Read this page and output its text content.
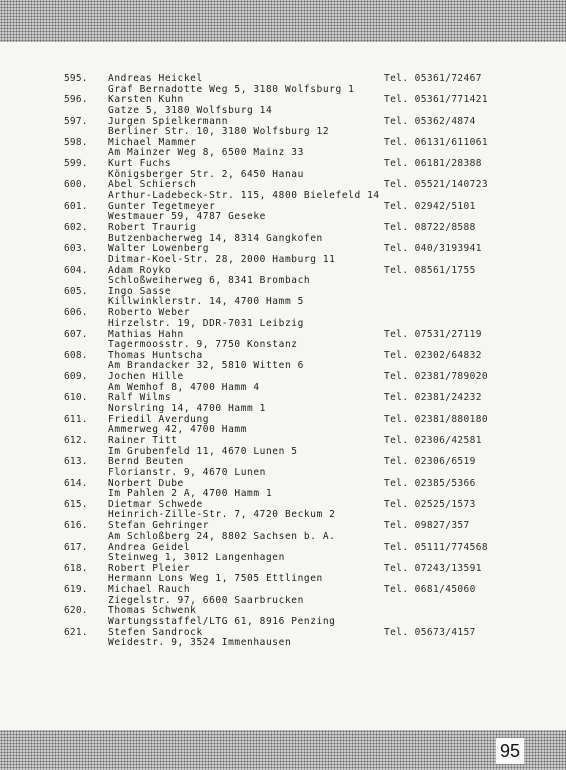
595.	Andreas Heickel
Graf Bernadotte Weg 5, 3180 Wolfsburg 1
Tel. 05361/72467
596.	Karsten Kuhn
Gatze 5, 3180 Wolfsburg 14
Tel. 05361/771421
597.	Jurgen Spielkermann
Berliner Str. 10, 3180 Wolfsburg 12
Tel. 05362/4874
598.	Michael Mammer
Am Mainzer Weg 8, 6500 Mainz 33
Tel. 06131/611061
599.	Kurt Fuchs
Königsberger Str. 2, 6450 Hanau
Tel. 06181/28388
600.	Abel Schiersch
Arthur-Ladebeck-Str. 115, 4800 Bielefeld 14
Tel. 05521/140723
601.	Gunter Tegetmeyer
Westmauer 59, 4787 Geseke
Tel. 02942/5101
602.	Robert Traurig
Butzenbacherweg 14, 8314 Gangkofen
Tel. 08722/8588
603.	Walter Lowenberg
Ditmar-Koel-Str. 28, 2000 Hamburg 11
Tel. 040/3193941
604.	Adam Royko
Schloßweiherweg 6, 8341 Brombach
Tel. 08561/1755
605.	Ingo Sasse
Killwinklerstr. 14, 4700 Hamm 5
606.	Roberto Weber
Hirzelstr. 19, DDR-7031 Leibzig
607.	Mathias Hahn
Tagermoosstr. 9, 7750 Konstanz
Tel. 07531/27119
608.	Thomas Huntscha
Am Brandacker 32, 5810 Witten 6
Tel. 02302/64832
609.	Jochen Hille
Am Wemhof 8, 4700 Hamm 4
Tel. 02381/789020
610.	Ralf Wilms
Norslring 14, 4700 Hamm 1
Tel. 02381/24232
611.	Friedil Averdung
Ammerweg 42, 4700 Hamm
Tel. 02381/880180
612.	Rainer Titt
Im Grubenfeld 11, 4670 Lunen 5
Tel. 02306/42581
613.	Bernd Beuten
Florianstr. 9, 4670 Lunen
Tel. 02306/6519
614.	Norbert Dube
Im Pahlen 2 A, 4700 Hamm 1
Tel. 02385/5366
615.	Dietmar Schwede
Heinrich-Zille-Str. 7, 4720 Beckum 2
Tel. 02525/1573
616.	Stefan Gehringer
Am Schloßberg 24, 8802 Sachsen b. A.
Tel. 09827/357
617.	Andrea Geidel
Steinweg 1, 3012 Langenhagen
Tel. 05111/774568
618.	Robert Pleier
Hermann Lons Weg 1, 7505 Ettlingen
Tel. 07243/13591
619.	Michael Rauch
Ziegelstr. 97, 6600 Saarbrucken
Tel. 0681/45060
620.	Thomas Schwenk
Wartungsstaffel/LTG 61, 8916 Penzing
621.	Stefen Sandrock
Weidestr. 9, 3524 Immenhausen
Tel. 05673/4157
95
